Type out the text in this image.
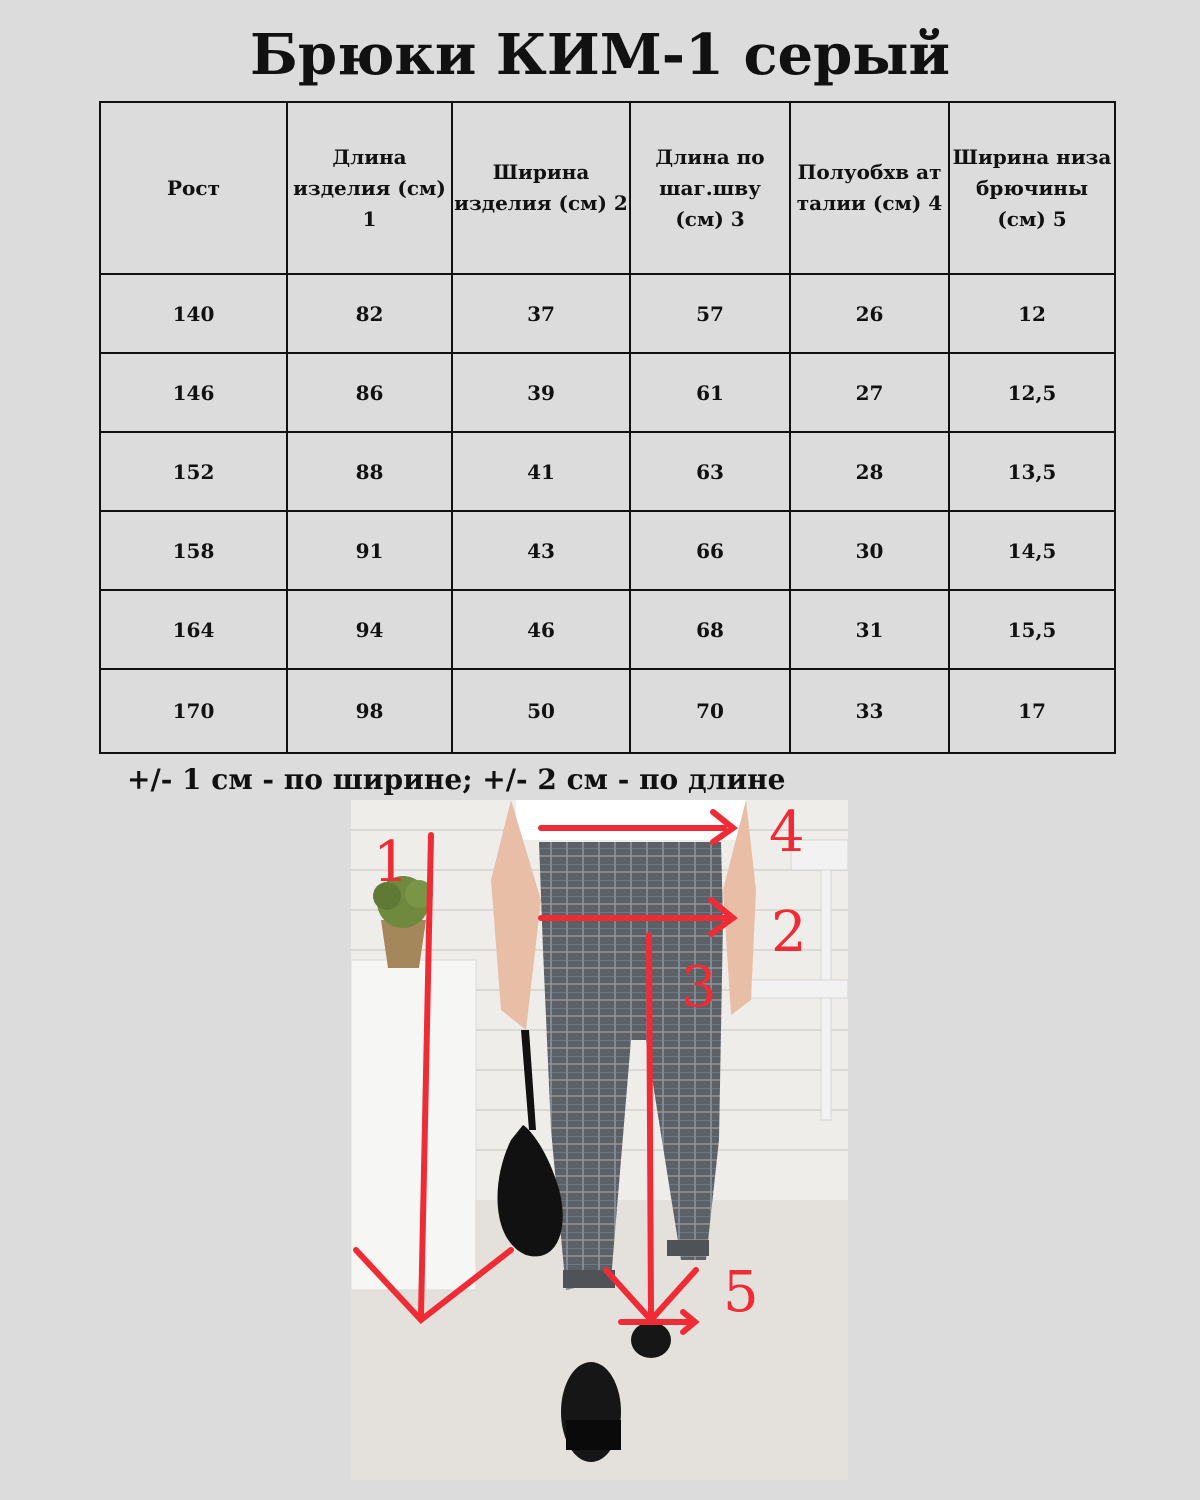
Брюки КИМ-1 серый
Рост	Длина изделия (см) 1	Ширина изделия (см) 2	Длина по шаг.шву (см) 3	Полуобхв ат талии (см) 4	Ширина низа брючины (см) 5
140	82	37	57	26	12
146	86	39	61	27	12,5
152	88	41	63	28	13,5
158	91	43	66	30	14,5
164	94	46	68	31	15,5
170	98	50	70	33	17
+/- 1 см - по ширине; +/- 2 см - по длине
1
2
3
4
5
